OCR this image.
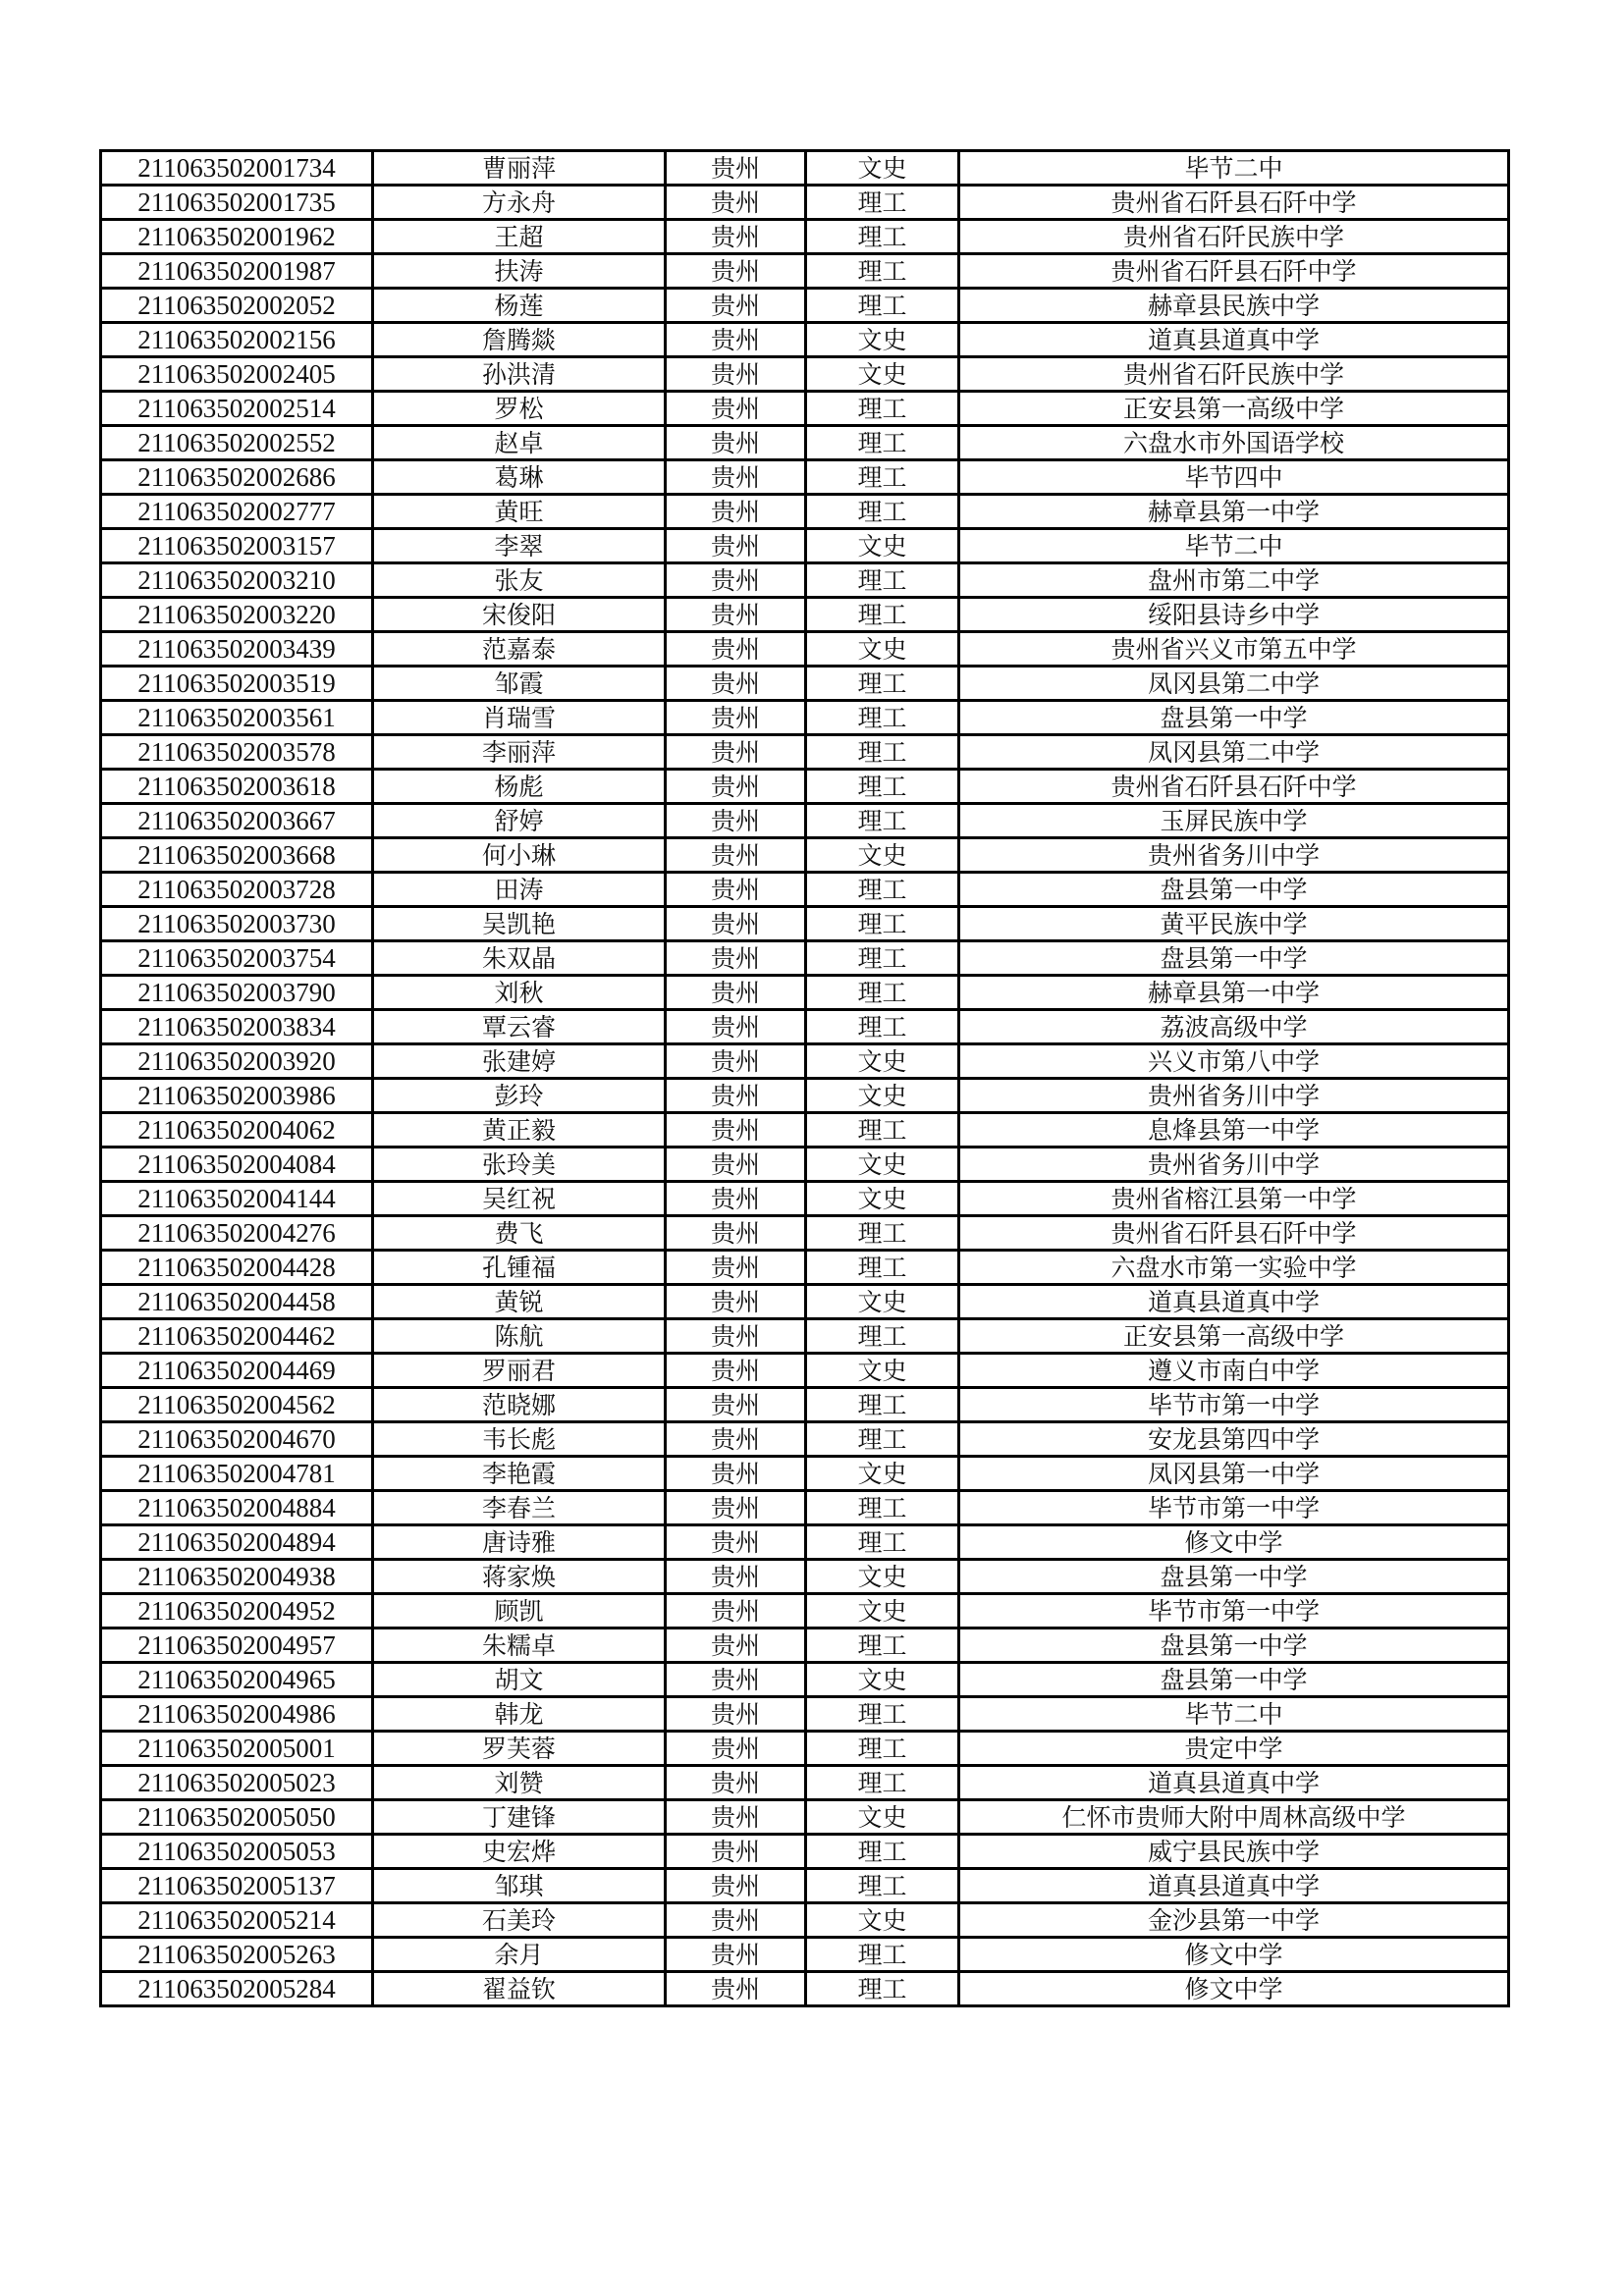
211063502001734	曹丽萍	贵州	文史	毕节二中
211063502001735	方永舟	贵州	理工	贵州省石阡县石阡中学
211063502001962	王超	贵州	理工	贵州省石阡民族中学
211063502001987	扶涛	贵州	理工	贵州省石阡县石阡中学
211063502002052	杨莲	贵州	理工	赫章县民族中学
211063502002156	詹腾燚	贵州	文史	道真县道真中学
211063502002405	孙洪清	贵州	文史	贵州省石阡民族中学
211063502002514	罗松	贵州	理工	正安县第一高级中学
211063502002552	赵卓	贵州	理工	六盘水市外国语学校
211063502002686	葛琳	贵州	理工	毕节四中
211063502002777	黄旺	贵州	理工	赫章县第一中学
211063502003157	李翠	贵州	文史	毕节二中
211063502003210	张友	贵州	理工	盘州市第二中学
211063502003220	宋俊阳	贵州	理工	绥阳县诗乡中学
211063502003439	范嘉泰	贵州	文史	贵州省兴义市第五中学
211063502003519	邹霞	贵州	理工	凤冈县第二中学
211063502003561	肖瑞雪	贵州	理工	盘县第一中学
211063502003578	李丽萍	贵州	理工	凤冈县第二中学
211063502003618	杨彪	贵州	理工	贵州省石阡县石阡中学
211063502003667	舒婷	贵州	理工	玉屏民族中学
211063502003668	何小琳	贵州	文史	贵州省务川中学
211063502003728	田涛	贵州	理工	盘县第一中学
211063502003730	吴凯艳	贵州	理工	黄平民族中学
211063502003754	朱双晶	贵州	理工	盘县第一中学
211063502003790	刘秋	贵州	理工	赫章县第一中学
211063502003834	覃云睿	贵州	理工	荔波高级中学
211063502003920	张建婷	贵州	文史	兴义市第八中学
211063502003986	彭玲	贵州	文史	贵州省务川中学
211063502004062	黄正毅	贵州	理工	息烽县第一中学
211063502004084	张玲美	贵州	文史	贵州省务川中学
211063502004144	吴红祝	贵州	文史	贵州省榕江县第一中学
211063502004276	费飞	贵州	理工	贵州省石阡县石阡中学
211063502004428	孔锺福	贵州	理工	六盘水市第一实验中学
211063502004458	黄锐	贵州	文史	道真县道真中学
211063502004462	陈航	贵州	理工	正安县第一高级中学
211063502004469	罗丽君	贵州	文史	遵义市南白中学
211063502004562	范晓娜	贵州	理工	毕节市第一中学
211063502004670	韦长彪	贵州	理工	安龙县第四中学
211063502004781	李艳霞	贵州	文史	凤冈县第一中学
211063502004884	李春兰	贵州	理工	毕节市第一中学
211063502004894	唐诗雅	贵州	理工	修文中学
211063502004938	蒋家焕	贵州	文史	盘县第一中学
211063502004952	顾凯	贵州	文史	毕节市第一中学
211063502004957	朱糯卓	贵州	理工	盘县第一中学
211063502004965	胡文	贵州	文史	盘县第一中学
211063502004986	韩龙	贵州	理工	毕节二中
211063502005001	罗芙蓉	贵州	理工	贵定中学
211063502005023	刘赞	贵州	理工	道真县道真中学
211063502005050	丁建锋	贵州	文史	仁怀市贵师大附中周林高级中学
211063502005053	史宏烨	贵州	理工	威宁县民族中学
211063502005137	邹琪	贵州	理工	道真县道真中学
211063502005214	石美玲	贵州	文史	金沙县第一中学
211063502005263	余月	贵州	理工	修文中学
211063502005284	翟益钦	贵州	理工	修文中学
